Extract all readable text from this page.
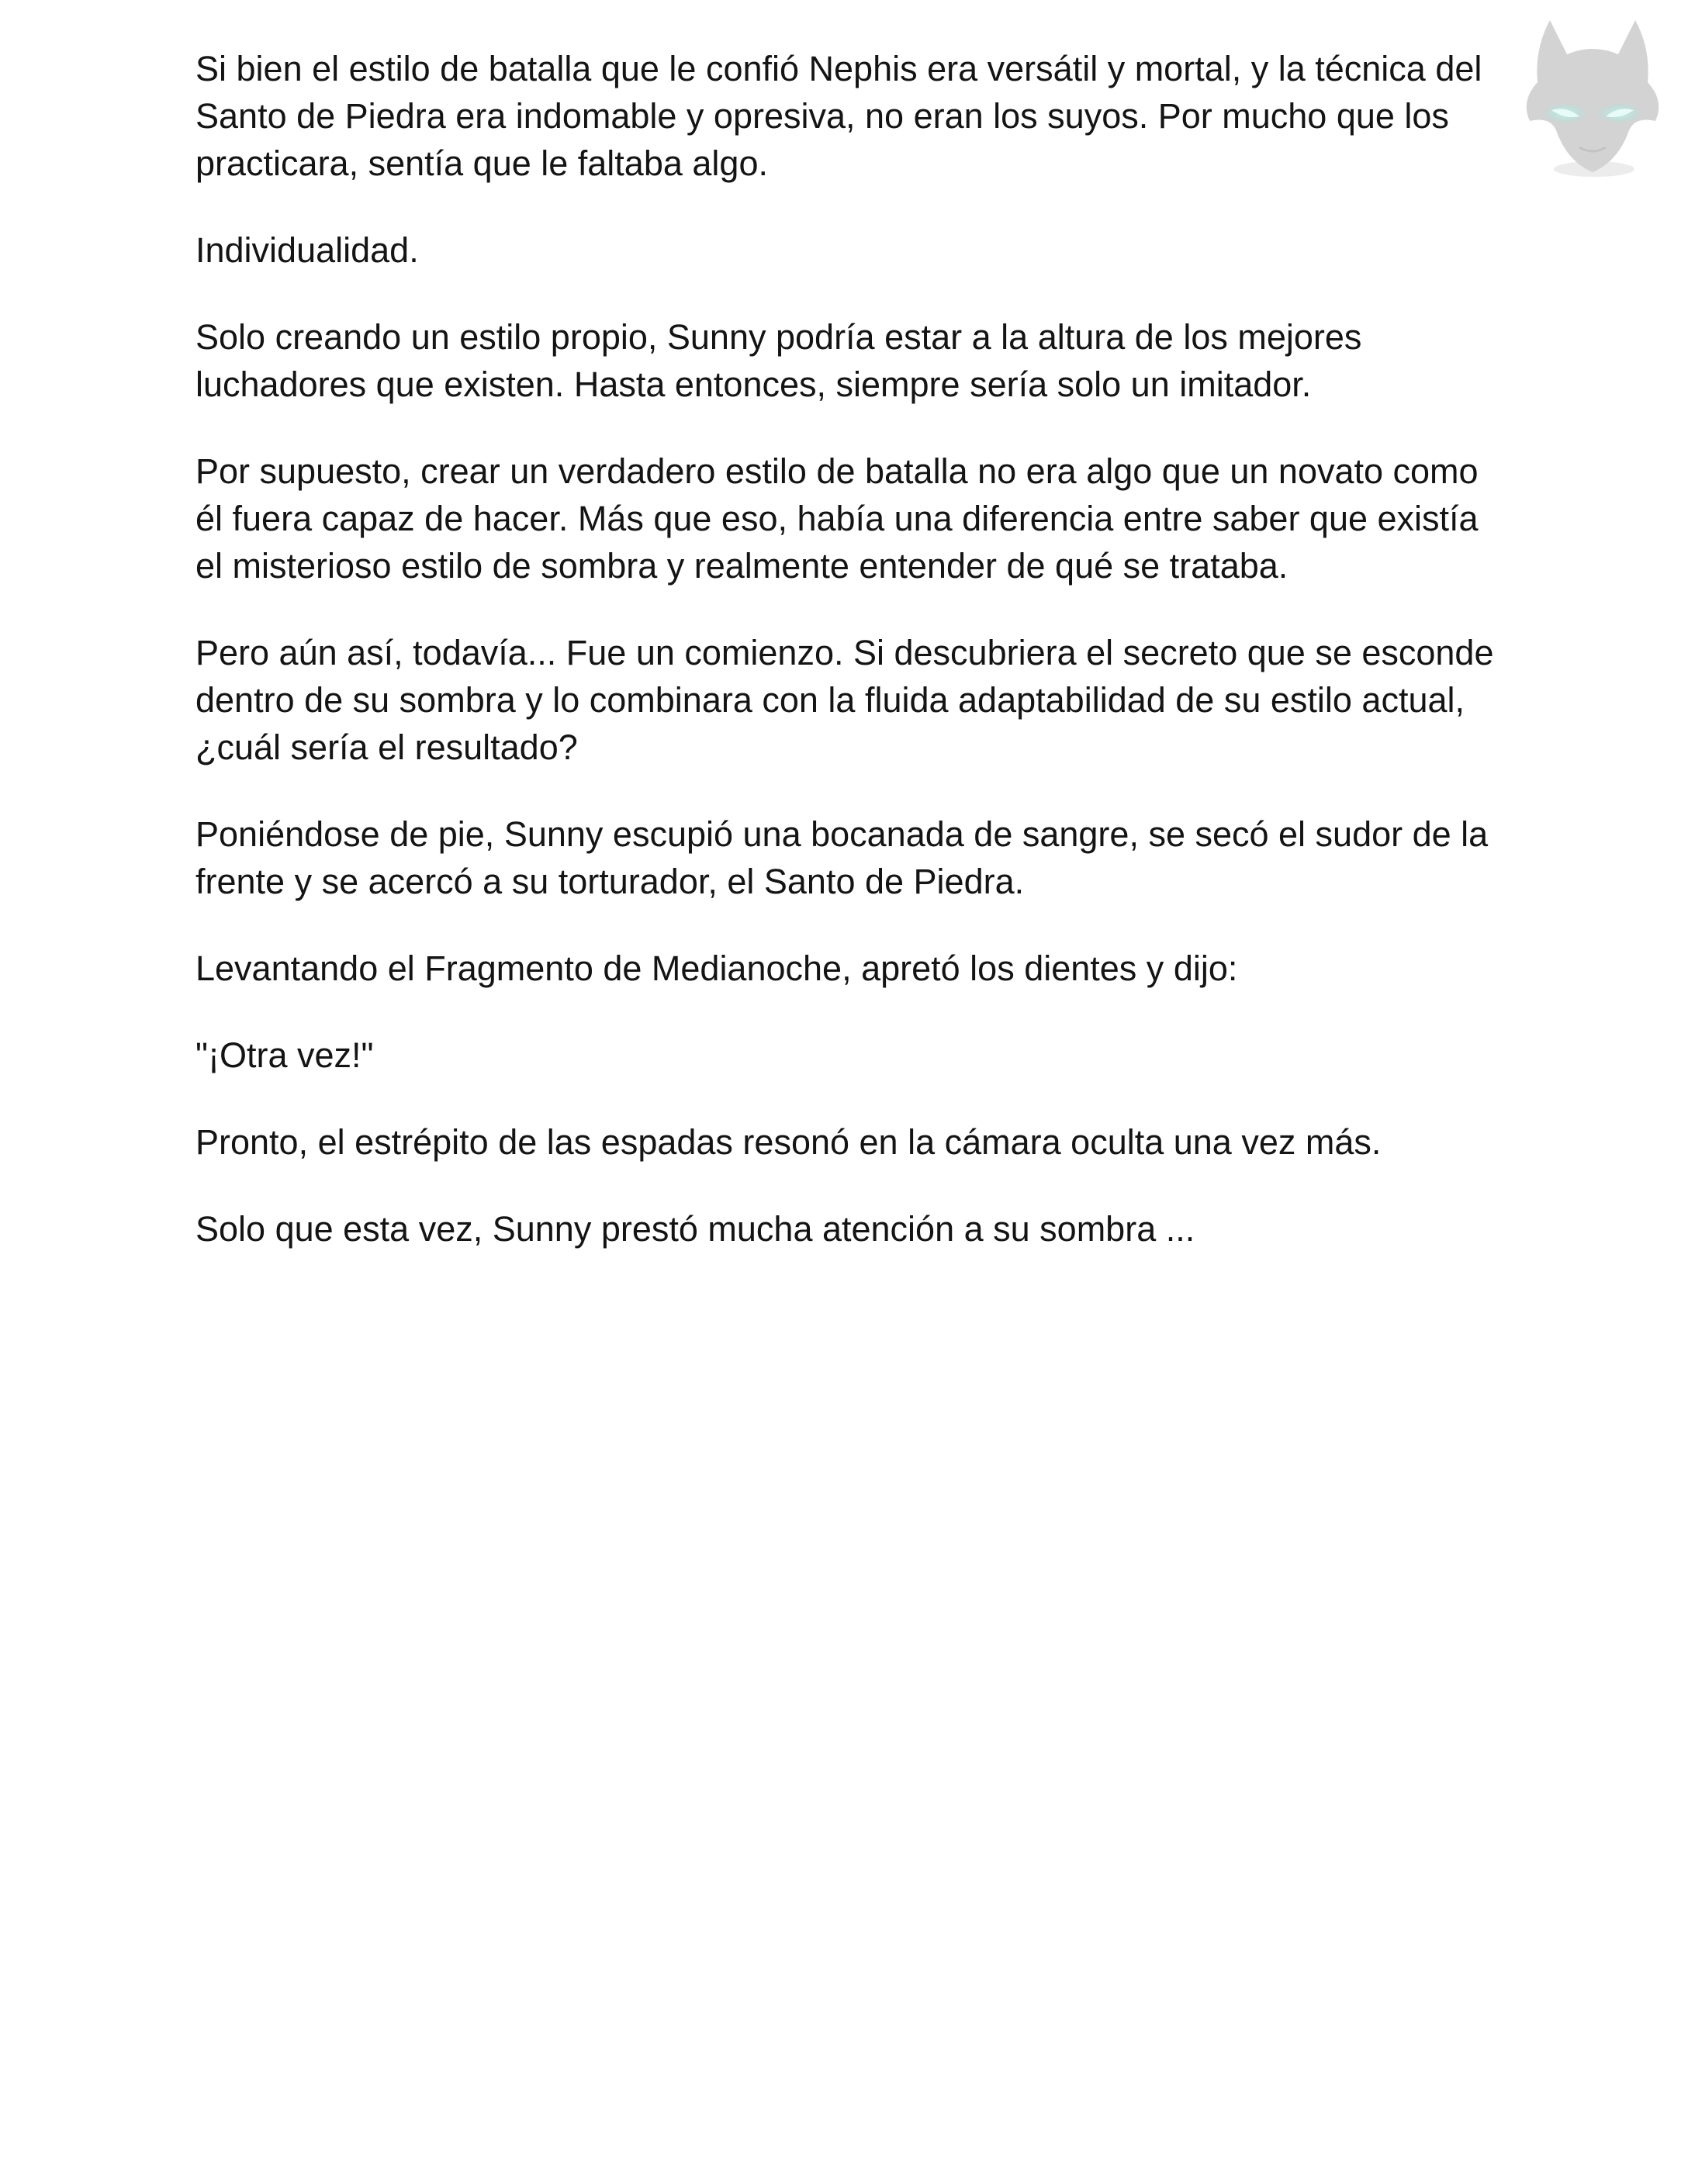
Si bien el estilo de batalla que le confió Nephis era versátil y mortal, y la técnica del Santo de Piedra era indomable y opresiva, no eran los suyos. Por mucho que los practicara, sentía que le faltaba algo.

Individualidad.

Solo creando un estilo propio, Sunny podría estar a la altura de los mejores luchadores que existen. Hasta entonces, siempre sería solo un imitador.

Por supuesto, crear un verdadero estilo de batalla no era algo que un novato como él fuera capaz de hacer. Más que eso, había una diferencia entre saber que existía el misterioso estilo de sombra y realmente entender de qué se trataba.

Pero aún así, todavía... Fue un comienzo. Si descubriera el secreto que se esconde dentro de su sombra y lo combinara con la fluida adaptabilidad de su estilo actual, ¿cuál sería el resultado?

Poniéndose de pie, Sunny escupió una bocanada de sangre, se secó el sudor de la frente y se acercó a su torturador, el Santo de Piedra.

Levantando el Fragmento de Medianoche, apretó los dientes y dijo:

"¡Otra vez!"

Pronto, el estrépito de las espadas resonó en la cámara oculta una vez más.

Solo que esta vez, Sunny prestó mucha atención a su sombra ...
